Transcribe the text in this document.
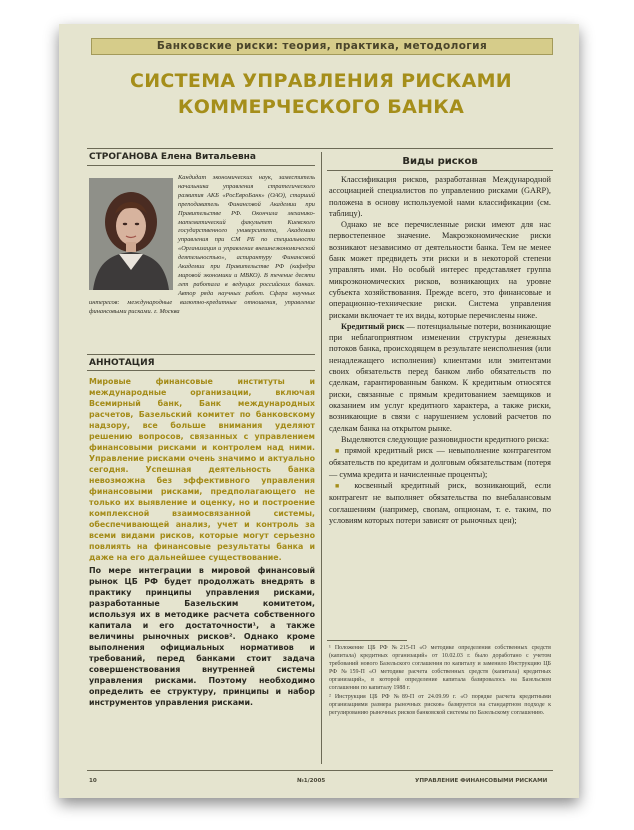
Банковские риски: теория, практика, методология
СИСТЕМА УПРАВЛЕНИЯ РИСКАМИ
КОММЕРЧЕСКОГО БАНКА
СТРОГАНОВА Елена Витальевна
Кандидат экономических наук, заместитель начальника управления стратегического развития АКБ «РосЕвроБанк» (ОАО), старший преподаватель Финансовой Академии при Правительстве РФ. Окончила механико-математический факультет Киевского государственного университета, Академию управления при СМ РБ по специальности «Организация и управление внешнеэкономической деятельностью», аспирантуру Финансовой Академии при Правительстве РФ (кафедра мировой экономики и МВКО). В течение десяти лет работала в ведущих российских банках. Автор ряда научных работ. Сфера научных интересов: международные валютно-кредитные отношения, управление финансовыми рисками. г. Москва
АННОТАЦИЯ

Мировые финансовые институты и международные организации, включая Всемирный банк, Банк международных расчетов, Базельский комитет по банковскому надзору, все больше внимания уделяют решению вопросов, связанных с управлением финансовыми рисками и контролем над ними. Управление рисками очень значимо и актуально сегодня. Успешная деятельность банка невозможна без эффективного управления финансовыми рисками, предполагающего не только их выявление и оценку, но и построение комплексной взаимосвязанной системы, обеспечивающей анализ, учет и контроль за всеми видами рисков, которые могут серьезно повлиять на финансовые результаты банка и даже на его дальнейшее существование.

По мере интеграции в мировой финансовый рынок ЦБ РФ будет продолжать внедрять в практику принципы управления рисками, разработанные Базельским комитетом, используя их в методике расчета собственного капитала и его достаточности¹, а также величины рыночных рисков². Однако кроме выполнения официальных нормативов и требований, перед банками стоит задача совершенствования внутренней системы управления рисками. Поэтому необходимо определить ее структуру, принципы и набор инструментов управления рисками.

Виды рисков

Классификация рисков, разработанная Международной ассоциацией специалистов по управлению рисками (GARP), положена в основу используемой нами классификации (см. таблицу).

Однако не все перечисленные риски имеют для нас первостепенное значение. Макроэкономические риски возникают независимо от деятельности банка. Тем не менее банк может предвидеть эти риски и в некоторой степени управлять ими. Но особый интерес представляет группа микроэкономических рисков, возникающих на уровне субъекта хозяйствования. Прежде всего, это финансовые и операционно-технические риски. Система управления рисками включает те их виды, которые перечислены ниже.

Кредитный риск — потенциальные потери, возникающие при неблагоприятном изменении структуры денежных потоков банка, происходящем в результате неисполнения (или ненадлежащего исполнения) клиентами или эмитентами своих обязательств перед банком либо обязательств по сделкам, гарантированным банком. К кредитным относятся риски, связанные с прямым кредитованием заемщиков и оказанием им услуг кредитного характера, а также риски, возникающие в связи с нарушением условий расчетов по сделкам банка на открытом рынке.

Выделяются следующие разновидности кредитного риска:

■ прямой кредитный риск — невыполнение контрагентом обязательств по кредитам и долговым обязательствам (потеря — сумма кредита и начисленные проценты);

■ косвенный кредитный риск, возникающий, если контрагент не выполняет обязательства по внебалансовым соглашениям (например, свопам, опционам, т. е. таким, по условиям которых потери зависят от рыночных цен);

¹ Положение ЦБ РФ №215-П «О методике определения собственных средств (капитала) кредитных организаций» от 10.02.03 г. было доработано с учетом требований нового Базельского соглашения по капиталу и заменило Инструкцию ЦБ РФ №159-П «О методике расчета собственных средств (капитала) кредитных организаций», в которой определение капитала базировалось на Базельском соглашении по капиталу 1988 г.

² Инструкция ЦБ РФ №89-П от 24.09.99 г. «О порядке расчета кредитными организациями размера рыночных рисков» базируется на стандартном подходе к регулированию рыночных рисков банковской системы по Базельскому соглашению.

10	№1/2005	УПРАВЛЕНИЕ ФИНАНСОВЫМИ РИСКАМИ
